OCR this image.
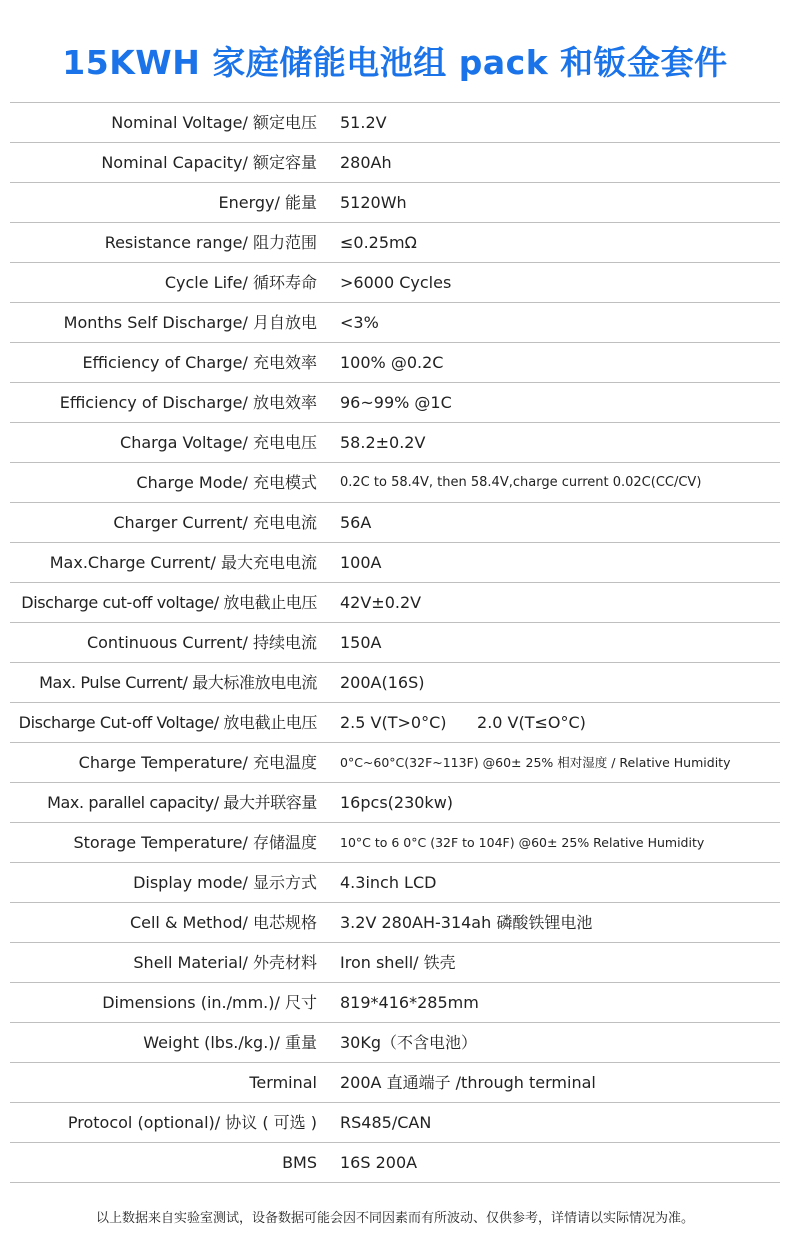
15KWH 家庭储能电池组 pack 和钣金套件
Nominal Voltage/ 额定电压 51.2V
Nominal Capacity/ 额定容量 280Ah
Energy/ 能量 5120Wh
Resistance range/ 阻力范围 ≤0.25mΩ
Cycle Life/ 循环寿命 >6000 Cycles
Months Self Discharge/ 月自放电 <3%
Efficiency of Charge/ 充电效率 100% @0.2C
Efficiency of Discharge/ 放电效率 96~99% @1C
Charga Voltage/ 充电电压 58.2±0.2V
Charge Mode/ 充电模式 0.2C to 58.4V, then 58.4V,charge current 0.02C(CC/CV)
Charger Current/ 充电电流 56A
Max.Charge Current/ 最大充电电流 100A
Discharge cut-off voltage/ 放电截止电压 42V±0.2V
Continuous Current/ 持续电流 150A
Max. Pulse Current/ 最大标准放电电流 200A(16S)
Discharge Cut-off Voltage/ 放电截止电压 2.5 V(T>0°C)      2.0 V(T≤O°C)
Charge Temperature/ 充电温度 0°C~60°C(32F~113F) @60± 25% 相对湿度 / Relative Humidity
Max. parallel capacity/ 最大并联容量 16pcs(230kw)
Storage Temperature/ 存储温度 10°C to 6 0°C (32F to 104F) @60± 25% Relative Humidity
Display mode/ 显示方式 4.3inch LCD
Cell & Method/ 电芯规格 3.2V 280AH-314ah 磷酸铁锂电池
Shell Material/ 外壳材料 Iron shell/ 铁壳
Dimensions (in./mm.)/ 尺寸 819*416*285mm
Weight (lbs./kg.)/ 重量 30Kg（不含电池）
Terminal 200A 直通端子 /through terminal
Protocol (optional)/ 协议 ( 可选 ) RS485/CAN
BMS 16S 200A
以上数据来自实验室测试，设备数据可能会因不同因素而有所波动、仅供参考，详情请以实际情况为准。
